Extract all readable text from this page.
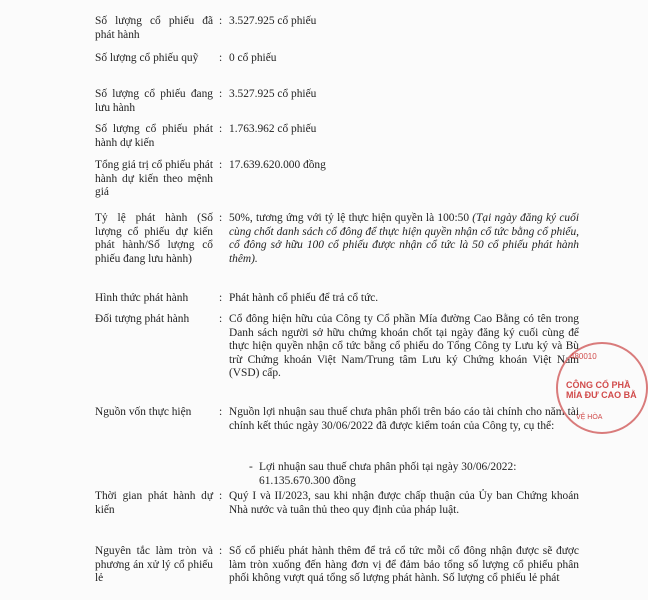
Số lượng cổ phiếu đã phát hành
: 3.527.925 cổ phiếu
Số lượng cổ phiếu quỹ	: 0 cổ phiếu
Số lượng cổ phiếu đang lưu hành
: 3.527.925 cổ phiếu
Số lượng cổ phiếu phát hành dự kiến
: 1.763.962 cổ phiếu
Tổng giá trị cổ phiếu phát hành dự kiến theo mệnh giá
: 17.639.620.000 đồng
Tỷ lệ phát hành (Số lượng cổ phiếu dự kiến phát hành/Số lượng cổ phiếu đang lưu hành)
: 50%, tương ứng với tỷ lệ thực hiện quyền là 100:50 (Tại ngày đăng ký cuối cùng chốt danh sách cổ đông để thực hiện quyền nhận cổ tức bằng cổ phiếu, cổ đông sở hữu 100 cổ phiếu được nhận cổ tức là 50 cổ phiếu phát hành thêm).
Hình thức phát hành	: Phát hành cổ phiếu để trả cổ tức.
Đối tượng phát hành	: Cổ đông hiện hữu của Công ty Cổ phần Mía đường Cao Bằng có tên trong Danh sách người sở hữu chứng khoán chốt tại ngày đăng ký cuối cùng để thực hiện quyền nhận cổ tức bằng cổ phiếu do Tổng Công ty Lưu ký và Bù trừ Chứng khoán Việt Nam/Trung tâm Lưu ký Chứng khoán Việt Nam (VSD) cấp.
Nguồn vốn thực hiện	: Nguồn lợi nhuận sau thuế chưa phân phối trên báo cáo tài chính cho năm tài chính kết thúc ngày 30/06/2022 đã được kiểm toán của Công ty, cụ thể:
- Lợi nhuận sau thuế chưa phân phối tại ngày 30/06/2022: 61.135.670.300 đồng
Thời gian phát hành dự kiến
: Quý I và II/2023, sau khi nhận được chấp thuận của Ủy ban Chứng khoán Nhà nước và tuân thủ theo quy định của pháp luật.
Nguyên tắc làm tròn và phương án xử lý cổ phiếu lẻ
: Số cổ phiếu phát hành thêm để trả cổ tức mỗi cổ đông nhận được sẽ được làm tròn xuống đến hàng đơn vị để đảm bảo tổng số lượng cổ phiếu phân phối không vượt quá tổng số lượng phát hành. Số lượng cổ phiếu lẻ phát
480010
CÔNG CỔ PHẦ MÍA ĐƯ CAO BẰ
VỆ HÒA
